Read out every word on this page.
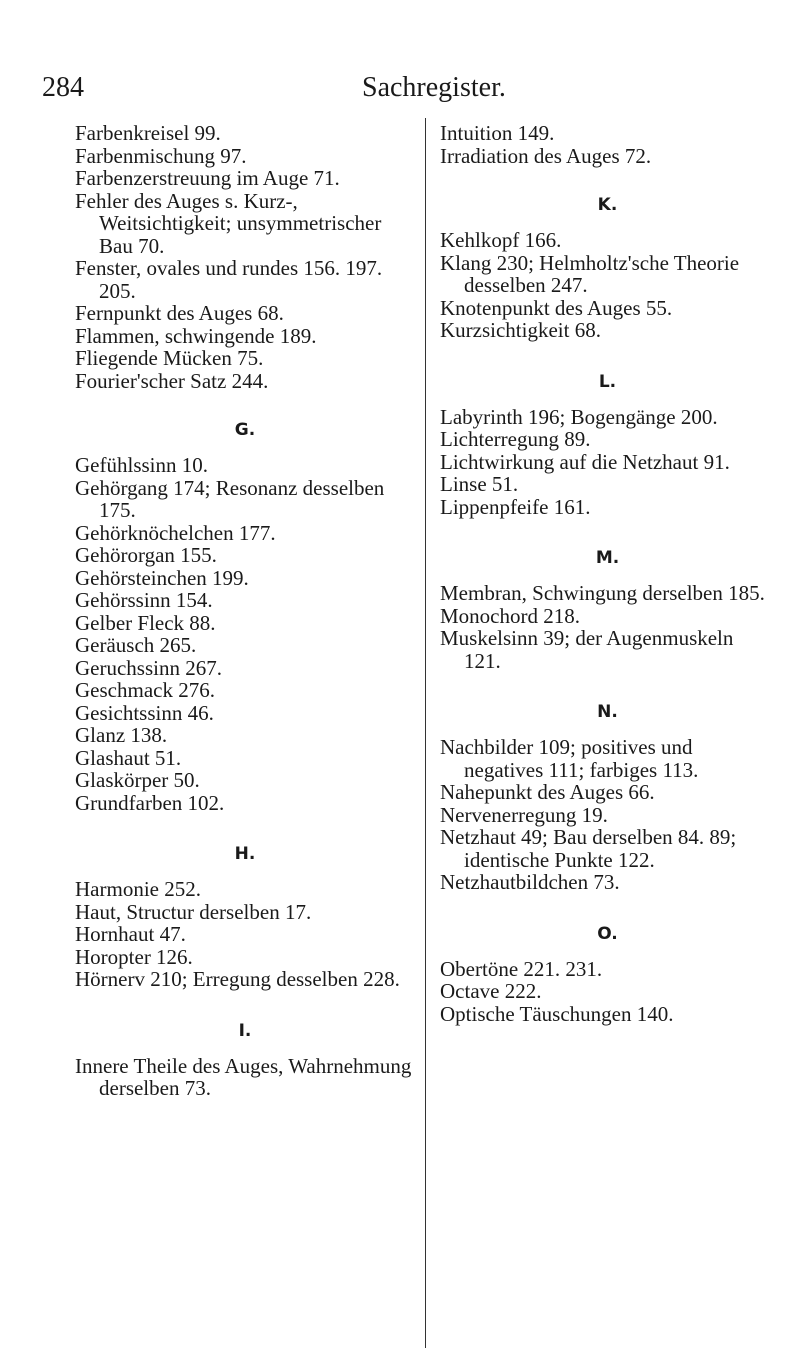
284	Sachregister.

Farbenkreisel 99.

Farbenmischung 97.

Farbenzerstreuung im Auge 71.

Fehler des Auges s. Kurz-, Weitsichtigkeit; unsymmetrischer Bau 70.

Fenster, ovales und rundes 156. 197. 205.

Fernpunkt des Auges 68.

Flammen, schwingende 189.

Fliegende Mücken 75.

Fourier'scher Satz 244.

G.

Gefühlssinn 10.

Gehörgang 174; Resonanz desselben 175.

Gehörknöchelchen 177.

Gehörorgan 155.

Gehörsteinchen 199.

Gehörssinn 154.

Gelber Fleck 88.

Geräusch 265.

Geruchssinn 267.

Geschmack 276.

Gesichtssinn 46.

Glanz 138.

Glashaut 51.

Glaskörper 50.

Grundfarben 102.

H.

Harmonie 252.

Haut, Structur derselben 17.

Hornhaut 47.

Horopter 126.

Hörnerv 210; Erregung desselben 228.

I.

Innere Theile des Auges, Wahrnehmung derselben 73.

Intuition 149.

Irradiation des Auges 72.

K.

Kehlkopf 166.

Klang 230; Helmholtz'sche Theorie desselben 247.

Knotenpunkt des Auges 55.

Kurzsichtigkeit 68.

L.

Labyrinth 196; Bogengänge 200.

Lichterregung 89.

Lichtwirkung auf die Netzhaut 91.

Linse 51.

Lippenpfeife 161.

M.

Membran, Schwingung derselben 185.

Monochord 218.

Muskelsinn 39; der Augenmuskeln 121.

N.

Nachbilder 109; positives und negatives 111; farbiges 113.

Nahepunkt des Auges 66.

Nervenerregung 19.

Netzhaut 49; Bau derselben 84. 89; identische Punkte 122.

Netzhautbildchen 73.

O.

Obertöne 221. 231.

Octave 222.

Optische Täuschungen 140.
